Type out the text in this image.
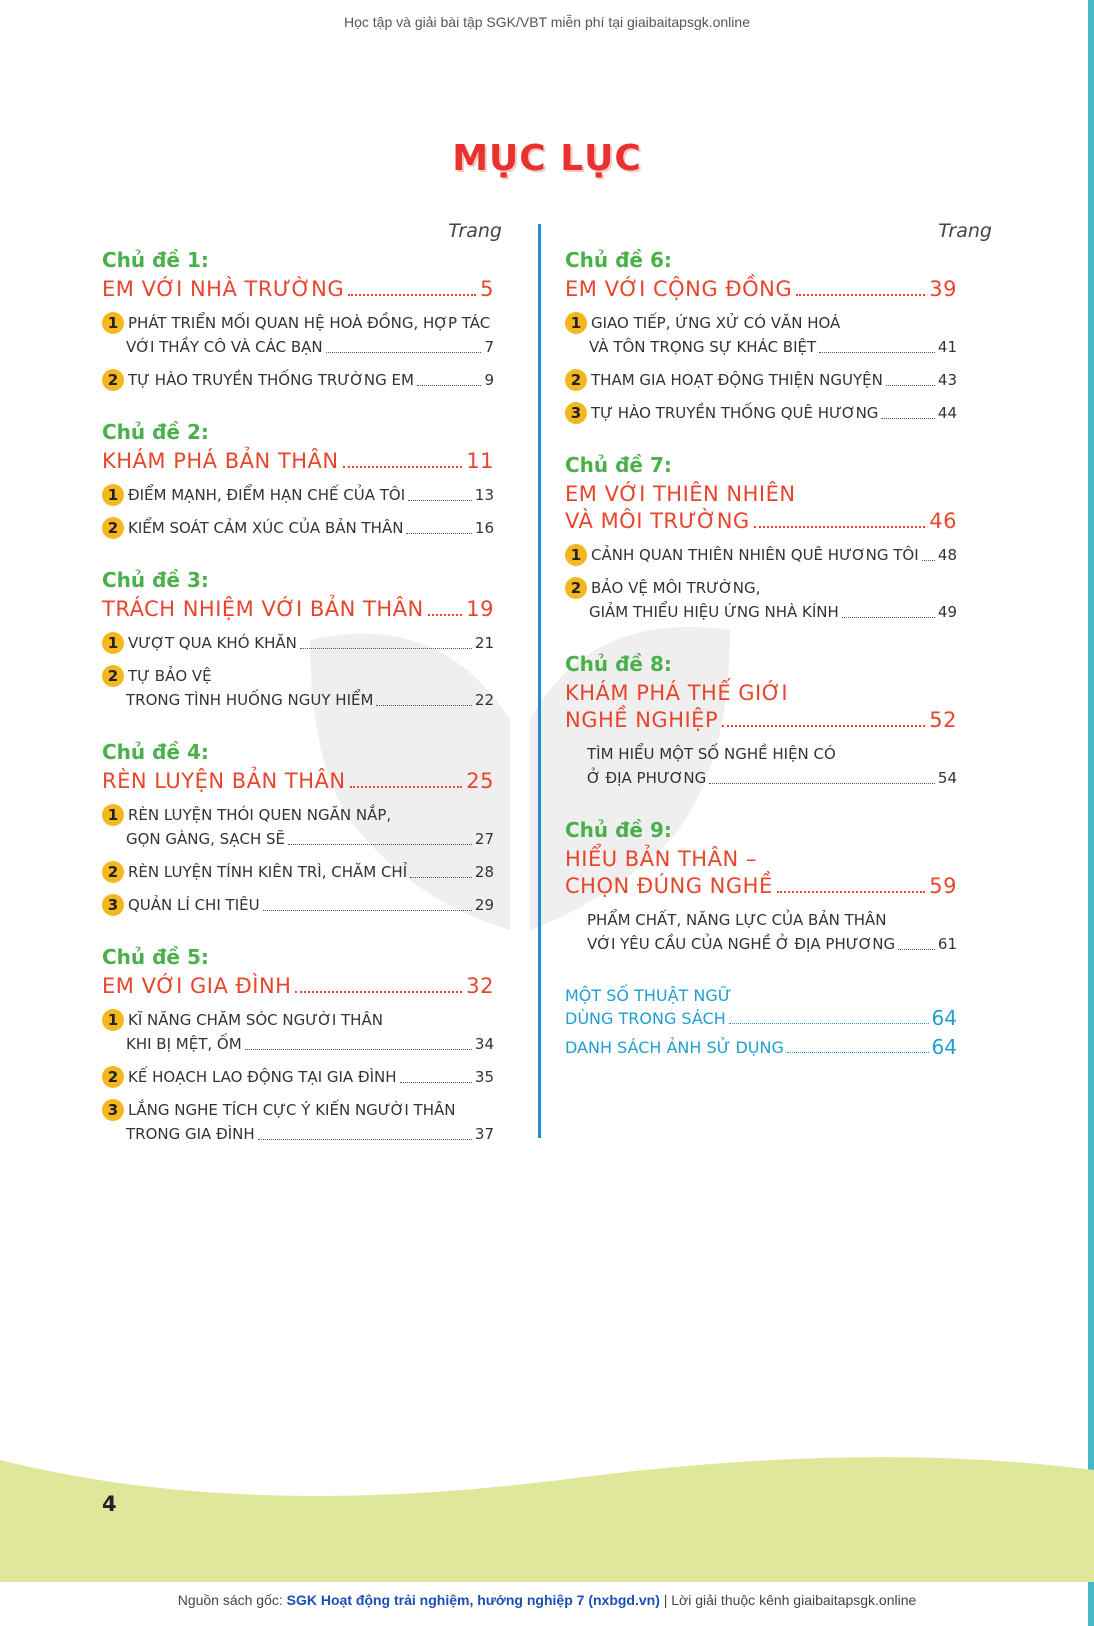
Học tập và giải bài tập SGK/VBT miễn phí tại giaibaitapsgk.online
MỤC LỤC
Trang
Chủ đề 1:
EM VỚI NHÀ TRƯỜNG	5
1 PHÁT TRIỂN MỐI QUAN HỆ HOÀ ĐỒNG, HỢP TÁC
VỚI THẦY CÔ VÀ CÁC BẠN	7
2 TỰ HÀO TRUYỀN THỐNG TRƯỜNG EM	9
Chủ đề 2:
KHÁM PHÁ BẢN THÂN	11
1 ĐIỂM MẠNH, ĐIỂM HẠN CHẾ CỦA TÔI	13
2 KIỂM SOÁT CẢM XÚC CỦA BẢN THÂN	16
Chủ đề 3:
TRÁCH NHIỆM VỚI BẢN THÂN 19
1 VƯỢT QUA KHÓ KHĂN	21
2 TỰ BẢO VỆ
TRONG TÌNH HUỐNG NGUY HIỂM	22
Chủ đề 4:
RÈN LUYỆN BẢN THÂN	25
1 RÈN LUYỆN THÓI QUEN NGĂN NẮP,
GỌN GÀNG, SẠCH SẼ	27
2 RÈN LUYỆN TÍNH KIÊN TRÌ, CHĂM CHỈ	28
3 QUẢN LÍ CHI TIÊU	29
Chủ đề 5:
EM VỚI GIA ĐÌNH	32
1 KĨ NĂNG CHĂM SÓC NGƯỜI THÂN
KHI BỊ MỆT, ỐM	34
2 KẾ HOẠCH LAO ĐỘNG TẠI GIA ĐÌNH	35
3 LẮNG NGHE TÍCH CỰC Ý KIẾN NGƯỜI THÂN
TRONG GIA ĐÌNH	37
Trang
Chủ đề 6:
EM VỚI CỘNG ĐỒNG	39
1 GIAO TIẾP, ỨNG XỬ CÓ VĂN HOÁ
VÀ TÔN TRỌNG SỰ KHÁC BIỆT	41
2 THAM GIA HOẠT ĐỘNG THIỆN NGUYỆN	43
3 TỰ HÀO TRUYỀN THỐNG QUÊ HƯƠNG	44
Chủ đề 7:
EM VỚI THIÊN NHIÊN
VÀ MÔI TRƯỜNG	46
1 CẢNH QUAN THIÊN NHIÊN QUÊ HƯƠNG TÔI 48
2 BẢO VỆ MÔI TRƯỜNG,
GIẢM THIỂU HIỆU ỨNG NHÀ KÍNH	49
Chủ đề 8:
KHÁM PHÁ THẾ GIỚI
NGHỀ NGHIỆP	52
TÌM HIỂU MỘT SỐ NGHỀ HIỆN CÓ
Ở ĐỊA PHƯƠNG	54
Chủ đề 9:
HIỂU BẢN THÂN –
CHỌN ĐÚNG NGHỀ	59
PHẨM CHẤT, NĂNG LỰC CỦA BẢN THÂN
VỚI YÊU CẦU CỦA NGHỀ Ở ĐỊA PHƯƠNG	61
MỘT SỐ THUẬT NGỮ
DÙNG TRONG SÁCH	64
DANH SÁCH ẢNH SỬ DỤNG	64
4
Nguồn sách gốc: SGK Hoạt động trải nghiệm, hướng nghiệp 7 (nxbgd.vn) | Lời giải thuộc kênh giaibaitapsgk.online
